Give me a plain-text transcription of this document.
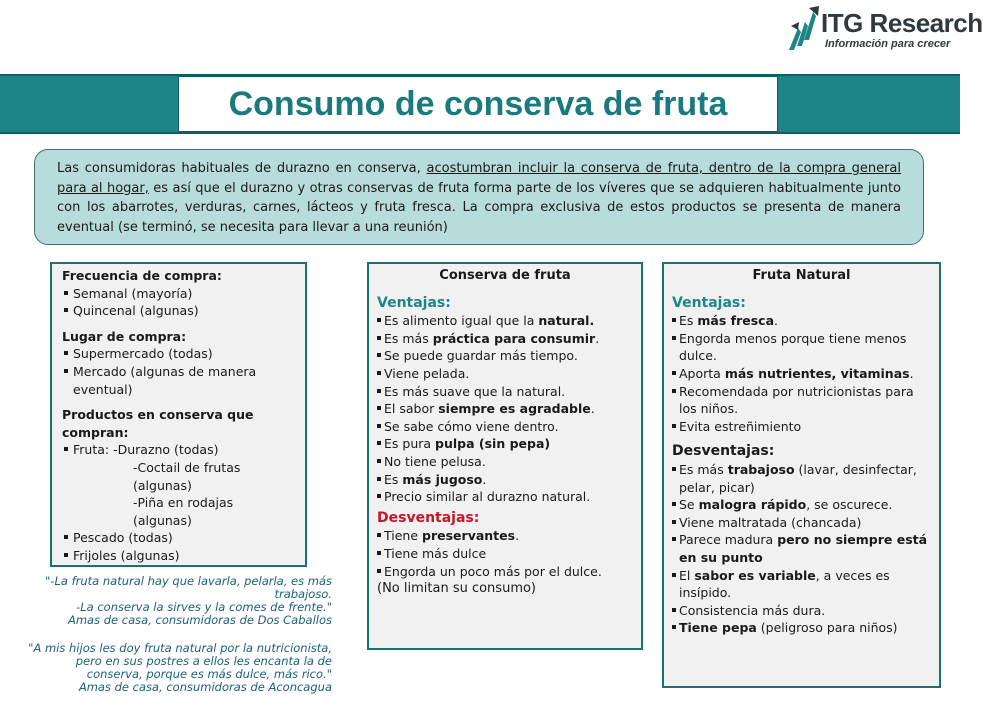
ITG Research
Información para crecer
Consumo de conserva de fruta

Las consumidoras habituales de durazno en conserva, acostumbran incluir la conserva de fruta, dentro de la compra general para al hogar, es así que el durazno y otras conservas de fruta forma parte de los víveres que se adquieren habitualmente junto con los abarrotes, verduras, carnes, lácteos y fruta fresca. La compra exclusiva de estos productos se presenta de manera eventual (se terminó, se necesita para llevar a una reunión)

Frecuencia de compra:
Semanal (mayoría)
Quincenal (algunas)
Lugar de compra:
Supermercado (todas)
Mercado (algunas de manera eventual)
Productos en conserva que compran:
Fruta: -Durazno (todas)
-Coctail de frutas (algunas)
-Piña en rodajas (algunas)
Pescado (todas)
Frijoles (algunas)
Conserva de fruta
Ventajas:
Es alimento igual que la natural.
Es más práctica para consumir.
Se puede guardar más tiempo.
Viene pelada.
Es más suave que la natural.
El sabor siempre es agradable.
Se sabe cómo viene dentro.
Es pura pulpa (sin pepa)
No tiene pelusa.
Es más jugoso.
Precio similar al durazno natural.
Desventajas:
Tiene preservantes.
Tiene más dulce
Engorda un poco más por el dulce.
(No limitan su consumo)
Fruta Natural
Ventajas:
Es más fresca.
Engorda menos porque tiene menos dulce.
Aporta más nutrientes, vitaminas.
Recomendada por nutricionistas para los niños.
Evita estreñimiento
Desventajas:
Es más trabajoso (lavar, desinfectar, pelar, picar)
Se malogra rápido, se oscurece.
Viene maltratada (chancada)
Parece madura pero no siempre está en su punto
El sabor es variable, a veces es insípido.
Consistencia más dura.
Tiene pepa (peligroso para niños)
"-La fruta natural hay que lavarla, pelarla, es más
trabajoso.
-La conserva la sirves y la comes de frente."
Amas de casa, consumidoras de Dos Caballos
"A mis hijos les doy fruta natural por la nutricionista,
pero en sus postres a ellos les encanta la de
conserva, porque es más dulce, más rico."
Amas de casa, consumidoras de Aconcagua
